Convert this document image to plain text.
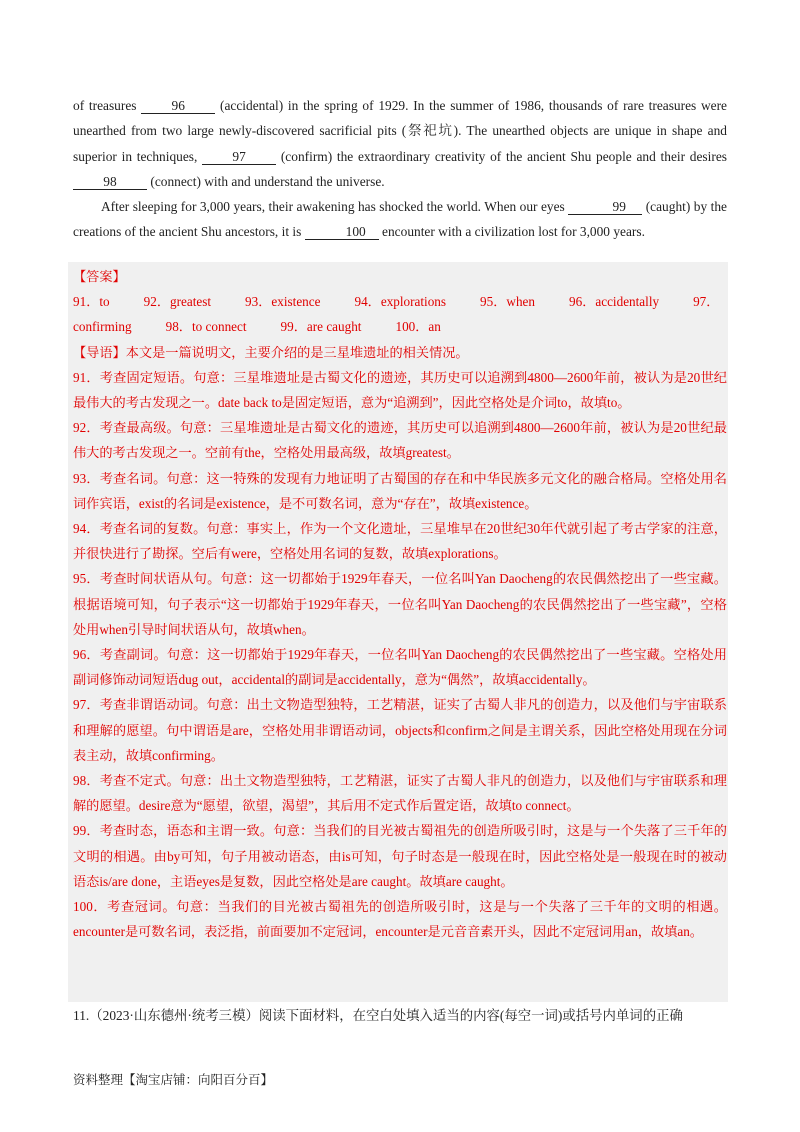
of treasures	96	(accidental) in the spring of 1929. In the summer of 1986, thousands of rare treasures were unearthed from two large newly-discovered sacrificial pits (祭祀坑). The unearthed objects are unique in shape and superior in techniques,	97	(confirm) the extraordinary creativity of the ancient Shu people and their desires 98	(connect) with and understand the universe.

After sleeping for 3,000 years, their awakening has shocked the world. When our eyes	99 (caught) by the creations of the ancient Shu ancestors, it is	100 encounter with a civilization lost for 3,000 years.

【答案】

91．to	92．greatest	93．existence	94．explorations	95．when	96．accidentally	97．

confirming	98．to connect	99．are caught	100．an

【导语】本文是一篇说明文，主要介绍的是三星堆遗址的相关情况。

91．考查固定短语。句意：三星堆遗址是古蜀文化的遗迹，其历史可以追溯到4800—2600年前，被认为是20世纪最伟大的考古发现之一。date back to是固定短语，意为“追溯到”，因此空格处是介词to，故填to。

92．考查最高级。句意：三星堆遗址是古蜀文化的遗迹，其历史可以追溯到4800—2600年前，被认为是20世纪最伟大的考古发现之一。空前有the，空格处用最高级，故填greatest。

93．考查名词。句意：这一特殊的发现有力地证明了古蜀国的存在和中华民族多元文化的融合格局。空格处用名词作宾语，exist的名词是existence，是不可数名词，意为“存在”，故填existence。

94．考查名词的复数。句意：事实上，作为一个文化遗址，三星堆早在20世纪30年代就引起了考古学家的注意，并很快进行了勘探。空后有were，空格处用名词的复数，故填explorations。

95．考查时间状语从句。句意：这一切都始于1929年春天，一位名叫Yan Daocheng的农民偶然挖出了一些宝藏。根据语境可知，句子表示“这一切都始于1929年春天，一位名叫Yan Daocheng的农民偶然挖出了一些宝藏”，空格处用when引导时间状语从句，故填when。

96．考查副词。句意：这一切都始于1929年春天，一位名叫Yan Daocheng的农民偶然挖出了一些宝藏。空格处用副词修饰动词短语dug out，accidental的副词是accidentally，意为“偶然”，故填accidentally。

97．考查非谓语动词。句意：出土文物造型独特，工艺精湛，证实了古蜀人非凡的创造力，以及他们与宇宙联系和理解的愿望。句中谓语是are，空格处用非谓语动词，objects和confirm之间是主谓关系，因此空格处用现在分词表主动，故填confirming。

98．考查不定式。句意：出土文物造型独特，工艺精湛，证实了古蜀人非凡的创造力，以及他们与宇宙联系和理解的愿望。desire意为“愿望，欲望，渴望”，其后用不定式作后置定语，故填to connect。

99．考查时态，语态和主谓一致。句意：当我们的目光被古蜀祖先的创造所吸引时，这是与一个失落了三千年的文明的相遇。由by可知，句子用被动语态，由is可知，句子时态是一般现在时，因此空格处是一般现在时的被动语态is/are done，主语eyes是复数，因此空格处是are caught。故填are caught。

100．考查冠词。句意：当我们的目光被古蜀祖先的创造所吸引时，这是与一个失落了三千年的文明的相遇。encounter是可数名词，表泛指，前面要加不定冠词，encounter是元音音素开头，因此不定冠词用an，故填an。

11.（2023·山东德州·统考三模）阅读下面材料，在空白处填入适当的内容(每空一词)或括号内单词的正确
资料整理【淘宝店铺：向阳百分百】
